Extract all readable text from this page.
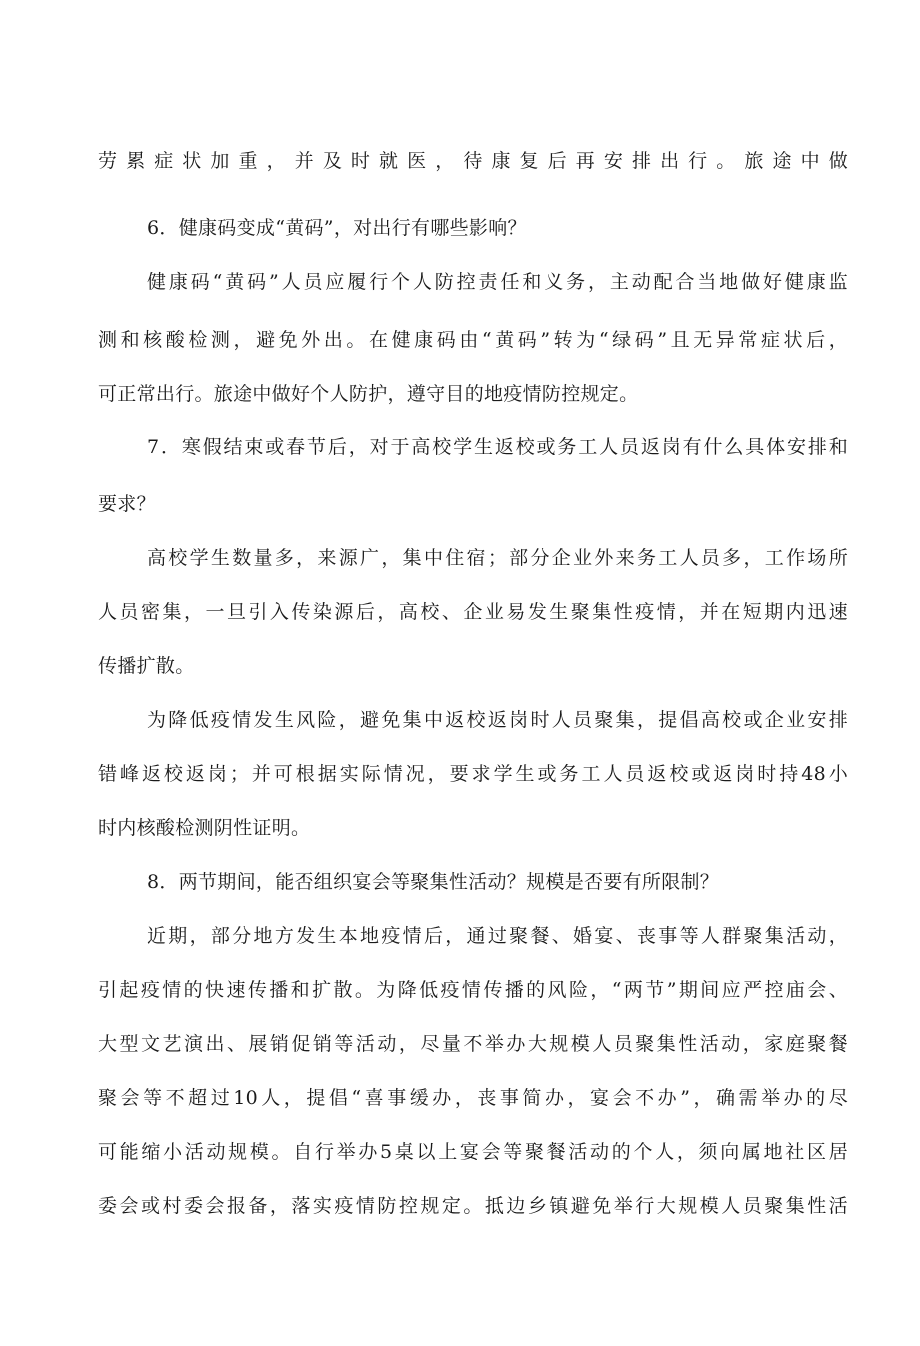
劳累症状加重，并及时就医，待康复后再安排出行。旅途中做
6．健康码变成“黄码”，对出行有哪些影响？
健康码“黄码”人员应履行个人防控责任和义务，主动配合当地做好健康监
测和核酸检测，避免外出。在健康码由“黄码”转为“绿码”且无异常症状后，
可正常出行。旅途中做好个人防护，遵守目的地疫情防控规定。
7．寒假结束或春节后，对于高校学生返校或务工人员返岗有什么具体安排和
要求？
高校学生数量多，来源广，集中住宿；部分企业外来务工人员多，工作场所
人员密集，一旦引入传染源后，高校、企业易发生聚集性疫情，并在短期内迅速
传播扩散。
为降低疫情发生风险，避免集中返校返岗时人员聚集，提倡高校或企业安排
错峰返校返岗；并可根据实际情况，要求学生或务工人员返校或返岗时持48小
时内核酸检测阴性证明。
8．两节期间，能否组织宴会等聚集性活动？规模是否要有所限制？
近期，部分地方发生本地疫情后，通过聚餐、婚宴、丧事等人群聚集活动，
引起疫情的快速传播和扩散。为降低疫情传播的风险，“两节”期间应严控庙会、
大型文艺演出、展销促销等活动，尽量不举办大规模人员聚集性活动，家庭聚餐
聚会等不超过10人，提倡“喜事缓办，丧事简办，宴会不办”，确需举办的尽
可能缩小活动规模。自行举办5桌以上宴会等聚餐活动的个人，须向属地社区居
委会或村委会报备，落实疫情防控规定。抵边乡镇避免举行大规模人员聚集性活
